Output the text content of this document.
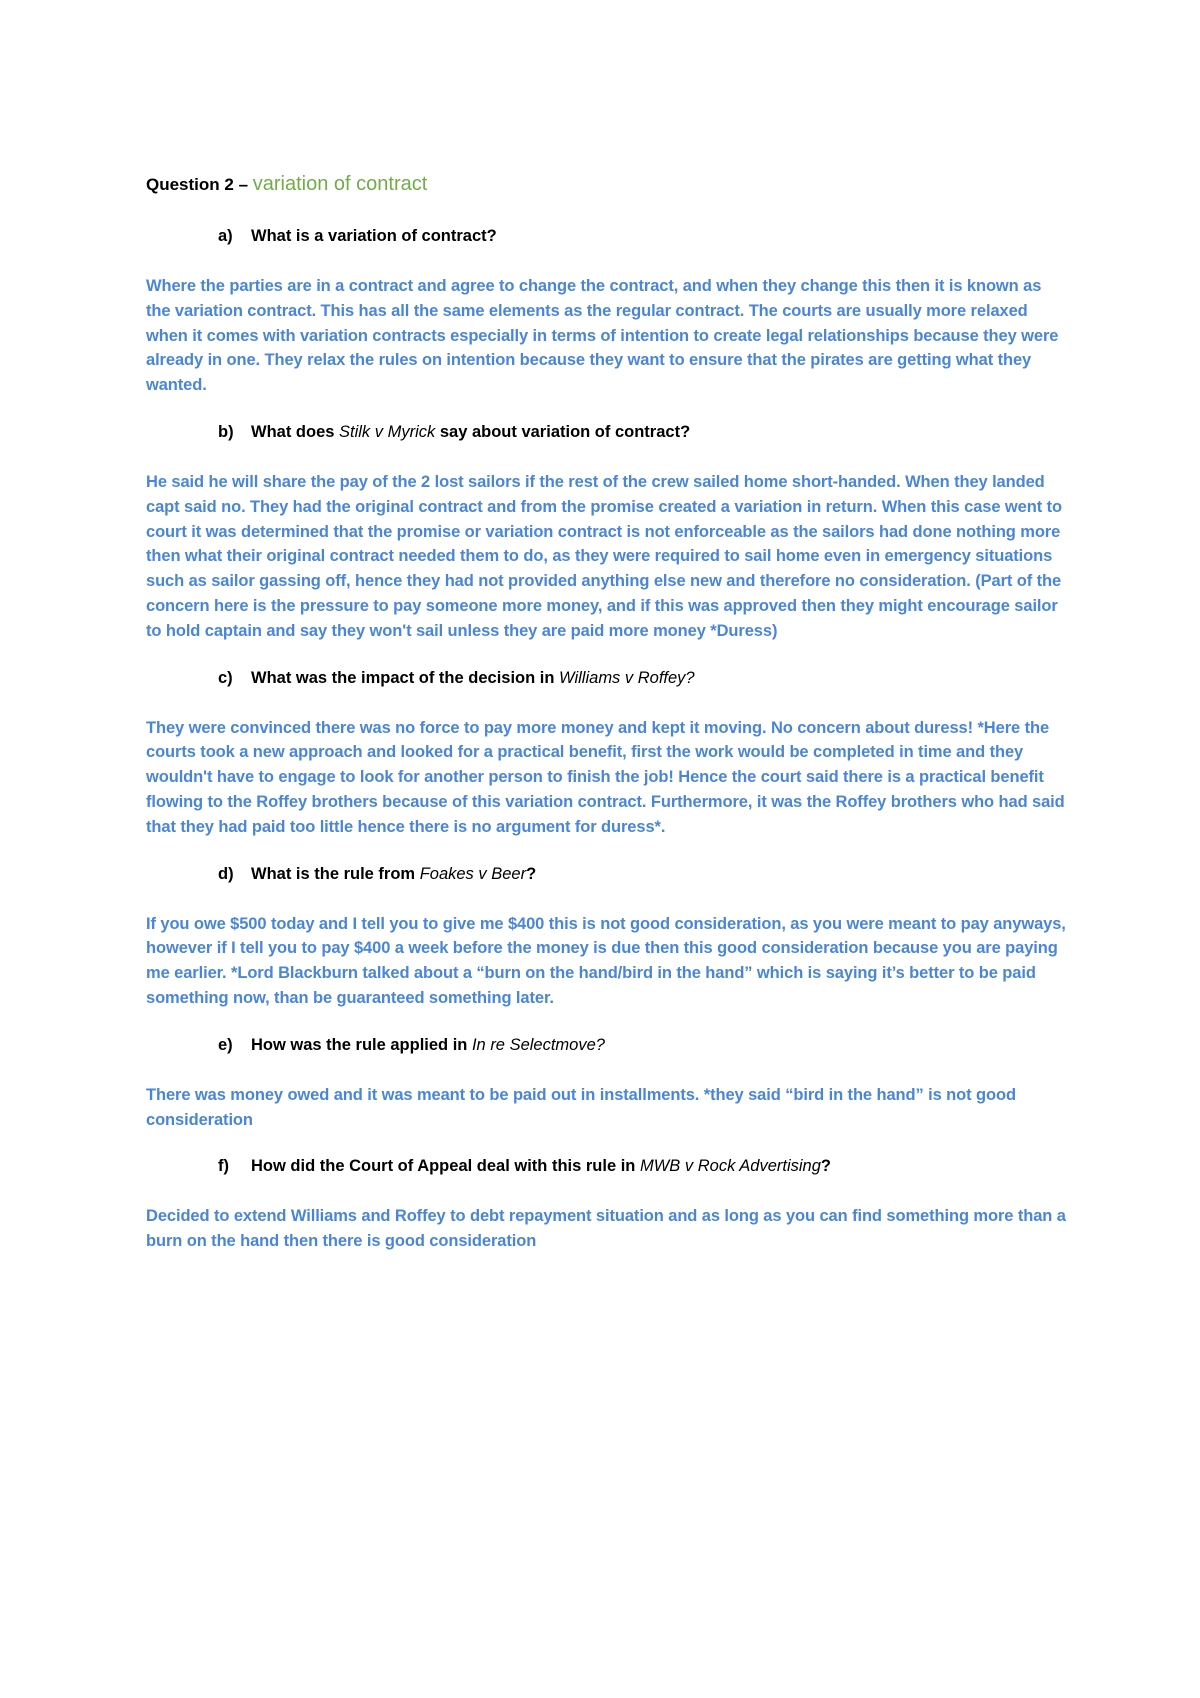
Question 2 – variation of contract
a)	What is a variation of contract?
Where the parties are in a contract and agree to change the contract, and when they change this then it is known as the variation contract. This has all the same elements as the regular contract. The courts are usually more relaxed when it comes with variation contracts especially in terms of intention to create legal relationships because they were already in one. They relax the rules on intention because they want to ensure that the pirates are getting what they wanted.
b)	What does Stilk v Myrick say about variation of contract?
He said he will share the pay of the 2 lost sailors if the rest of the crew sailed home short-handed. When they landed capt said no. They had the original contract and from the promise created a variation in return. When this case went to court it was determined that the promise or variation contract is not enforceable as the sailors had done nothing more then what their original contract needed them to do, as they were required to sail home even in emergency situations such as sailor gassing off, hence they had not provided anything else new and therefore no consideration. (Part of the concern here is the pressure to pay someone more money, and if this was approved then they might encourage sailor to hold captain and say they won't sail unless they are paid more money *Duress)
c)	What was the impact of the decision in Williams v Roffey?
They were convinced there was no force to pay more money and kept it moving. No concern about duress! *Here the courts took a new approach and looked for a practical benefit, first the work would be completed in time and they wouldn't have to engage to look for another person to finish the job! Hence the court said there is a practical benefit flowing to the Roffey brothers because of this variation contract. Furthermore, it was the Roffey brothers who had said that they had paid too little hence there is no argument for duress*.
d)	What is the rule from Foakes v Beer?
If you owe $500 today and I tell you to give me $400 this is not good consideration, as you were meant to pay anyways, however if I tell you to pay $400 a week before the money is due then this good consideration because you are paying me earlier. *Lord Blackburn talked about a “burn on the hand/bird in the hand” which is saying it’s better to be paid something now, than be guaranteed something later.
e)	How was the rule applied in In re Selectmove?
There was money owed and it was meant to be paid out in installments. *they said “bird in the hand” is not good consideration
f)	How did the Court of Appeal deal with this rule in MWB v Rock Advertising?
Decided to extend Williams and Roffey to debt repayment situation and as long as you can find something more than a burn on the hand then there is good consideration
